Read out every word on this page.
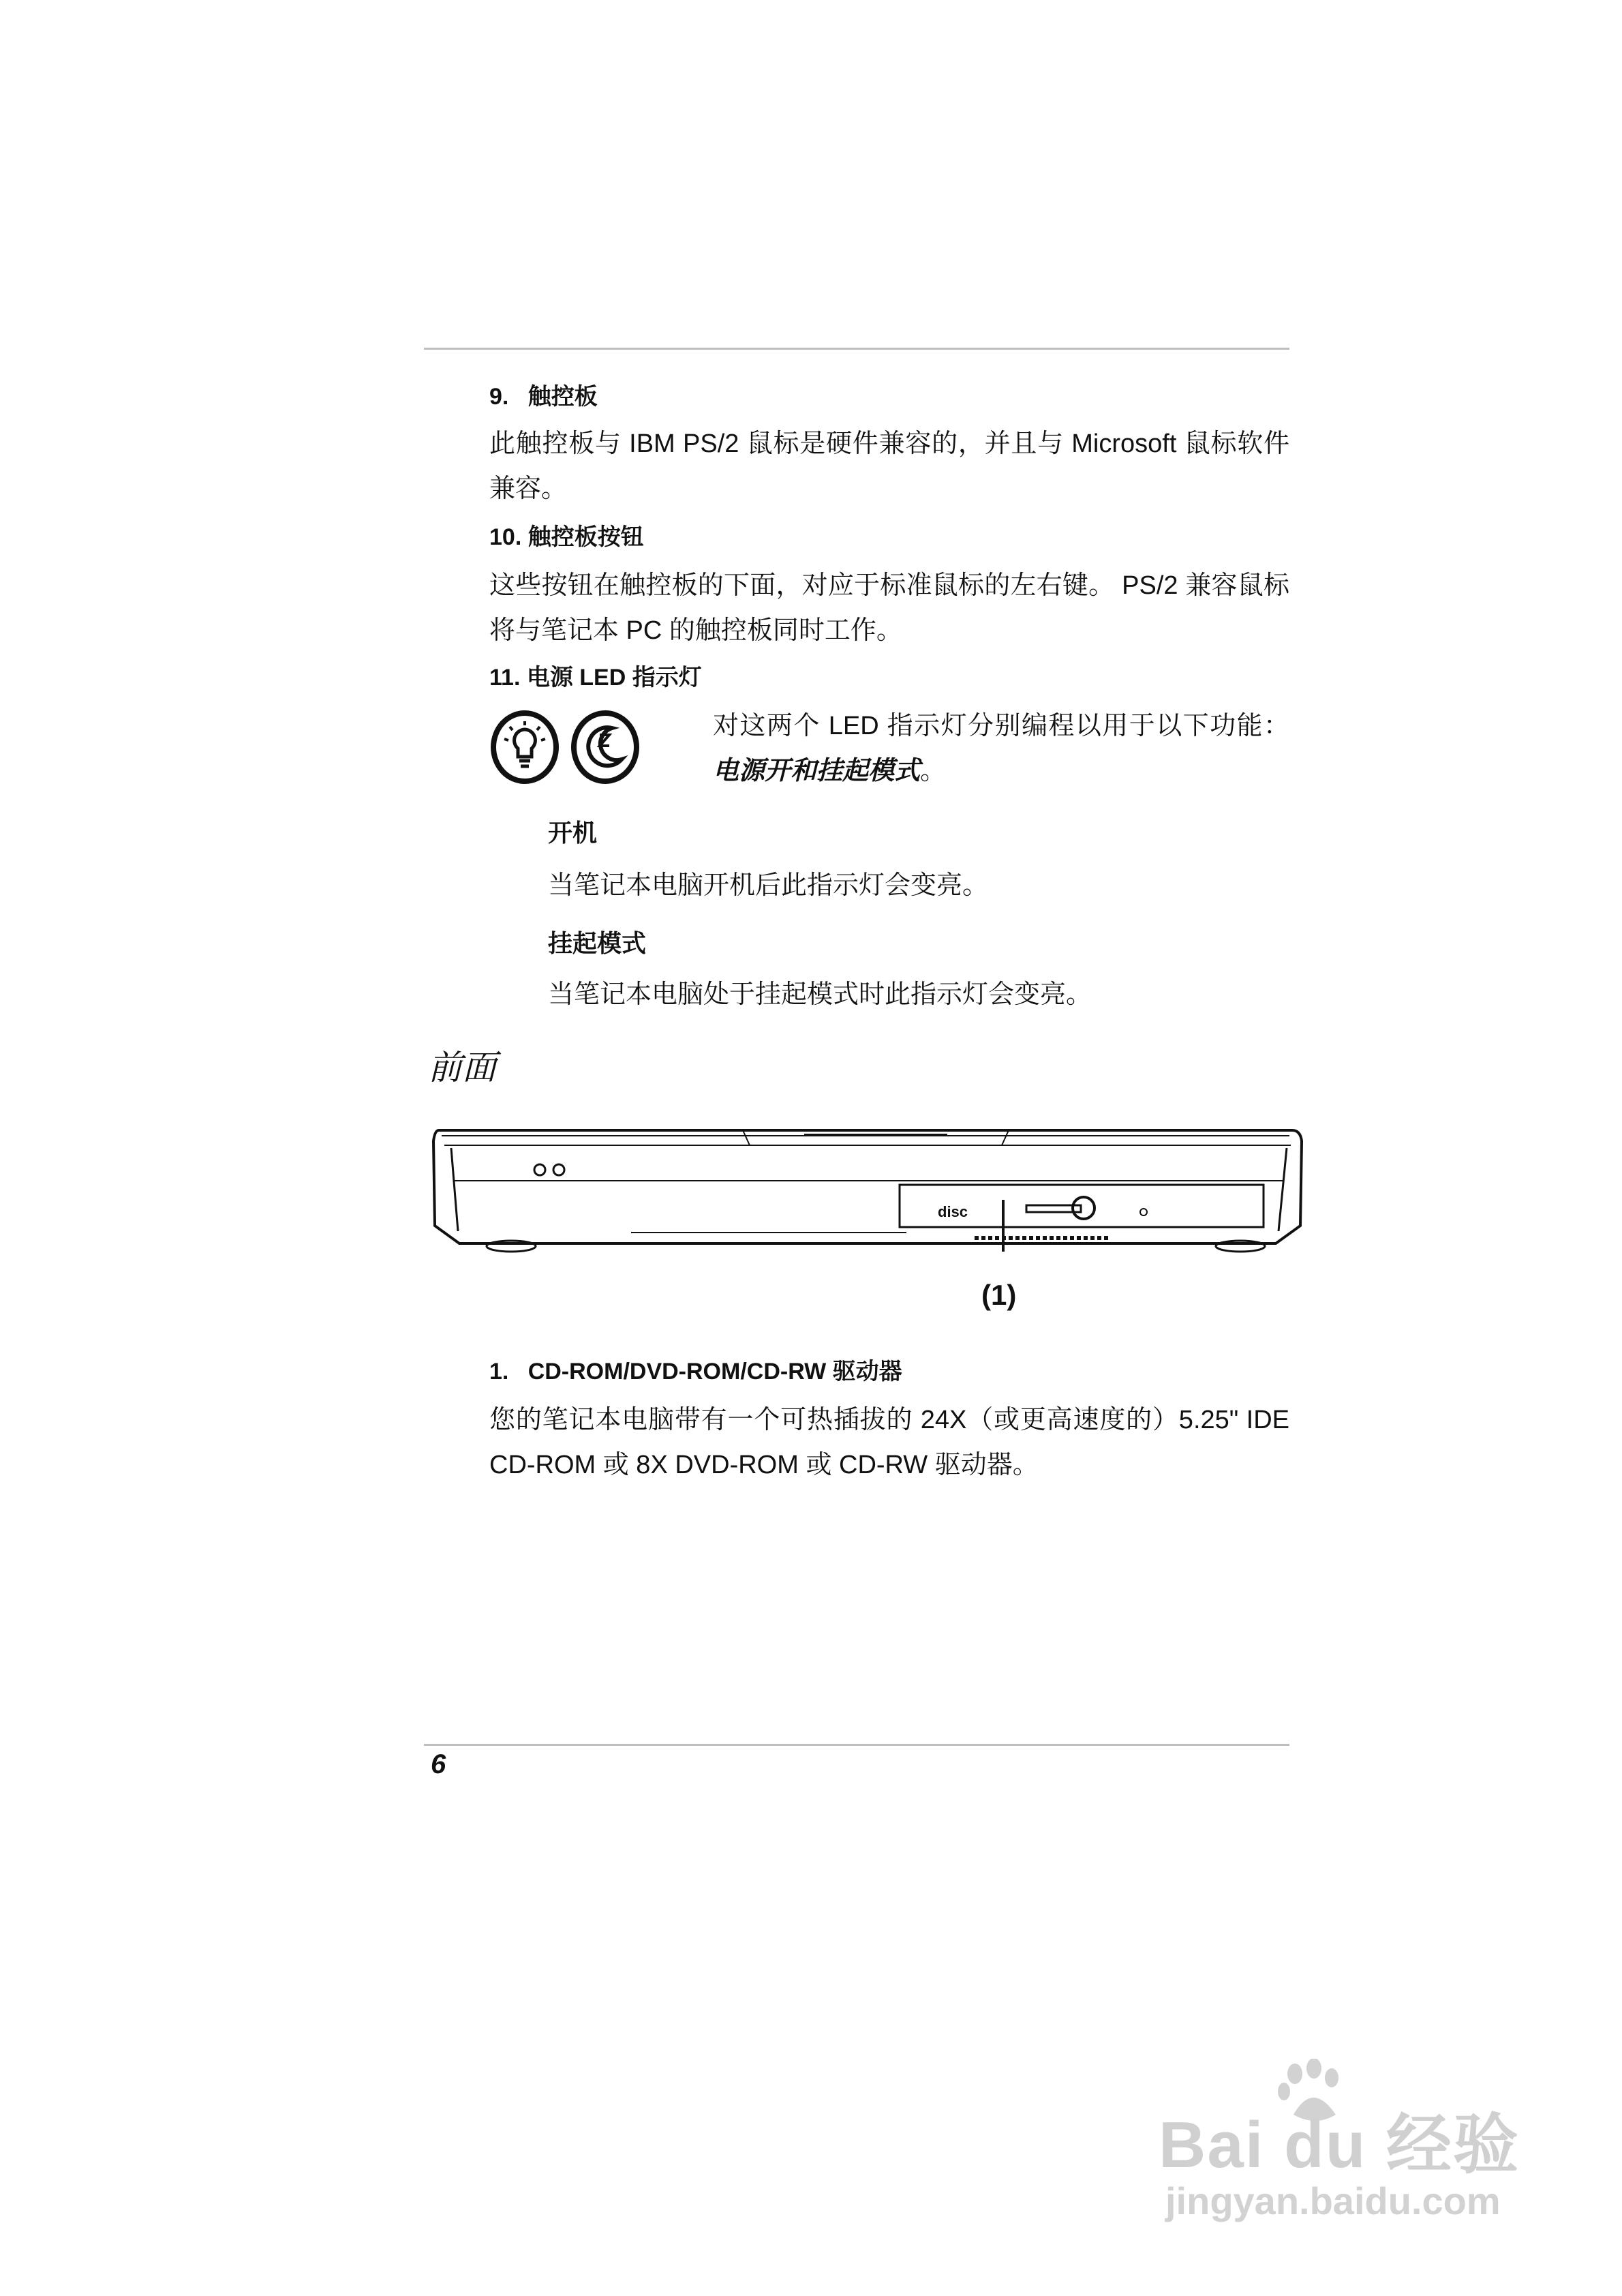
9.   触控板
此触控板与 IBM PS/2 鼠标是硬件兼容的，并且与 Microsoft 鼠标软件兼容。
10. 触控板按钮
这些按钮在触控板的下面，对应于标准鼠标的左右键。 PS/2 兼容鼠标将与笔记本 PC 的触控板同时工作。
11. 电源 LED 指示灯
对这两个 LED 指示灯分别编程以用于以下功能：电源开和挂起模式。
开机
当笔记本电脑开机后此指示灯会变亮。
挂起模式
当笔记本电脑处于挂起模式时此指示灯会变亮。
前面
disc
(1)
1.   CD-ROM/DVD-ROM/CD-RW 驱动器
您的笔记本电脑带有一个可热插拔的 24X（或更高速度的）5.25" IDE CD-ROM 或 8X DVD-ROM 或 CD-RW 驱动器。
6
Bai du 经验
jingyan.baidu.com
